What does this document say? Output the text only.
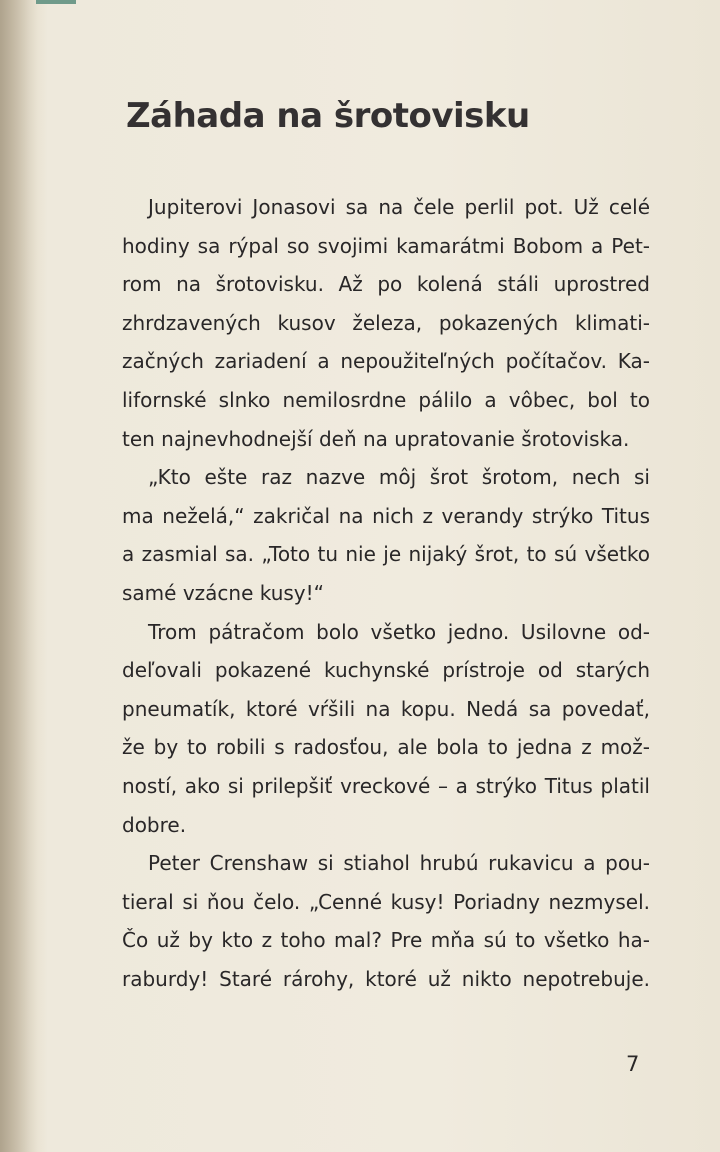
Záhada na šrotovisku
Jupiterovi Jonasovi sa na čele perlil pot. Už celé
hodiny sa rýpal so svojimi kamarátmi Bobom a Pet-
rom na šrotovisku. Až po kolená stáli uprostred
zhrdzavených kusov železa, pokazených klimati-
začných zariadení a nepoužiteľných počítačov. Ka-
lifornské slnko nemilosrdne pálilo a vôbec, bol to
ten najnevhodnejší deň na upratovanie šrotoviska.
„Kto ešte raz nazve môj šrot šrotom, nech si
ma neželá,“ zakričal na nich z verandy strýko Titus
a zasmial sa. „Toto tu nie je nijaký šrot, to sú všetko
samé vzácne kusy!“
Trom pátračom bolo všetko jedno. Usilovne od-
deľovali pokazené kuchynské prístroje od starých
pneumatík, ktoré vŕšili na kopu. Nedá sa povedať,
že by to robili s radosťou, ale bola to jedna z mož-
ností, ako si prilepšiť vreckové – a strýko Titus platil
dobre.
Peter Crenshaw si stiahol hrubú rukavicu a pou-
tieral si ňou čelo. „Cenné kusy! Poriadny nezmysel.
Čo už by kto z toho mal? Pre mňa sú to všetko ha-
raburdy! Staré rárohy, ktoré už nikto nepotrebuje.
7
